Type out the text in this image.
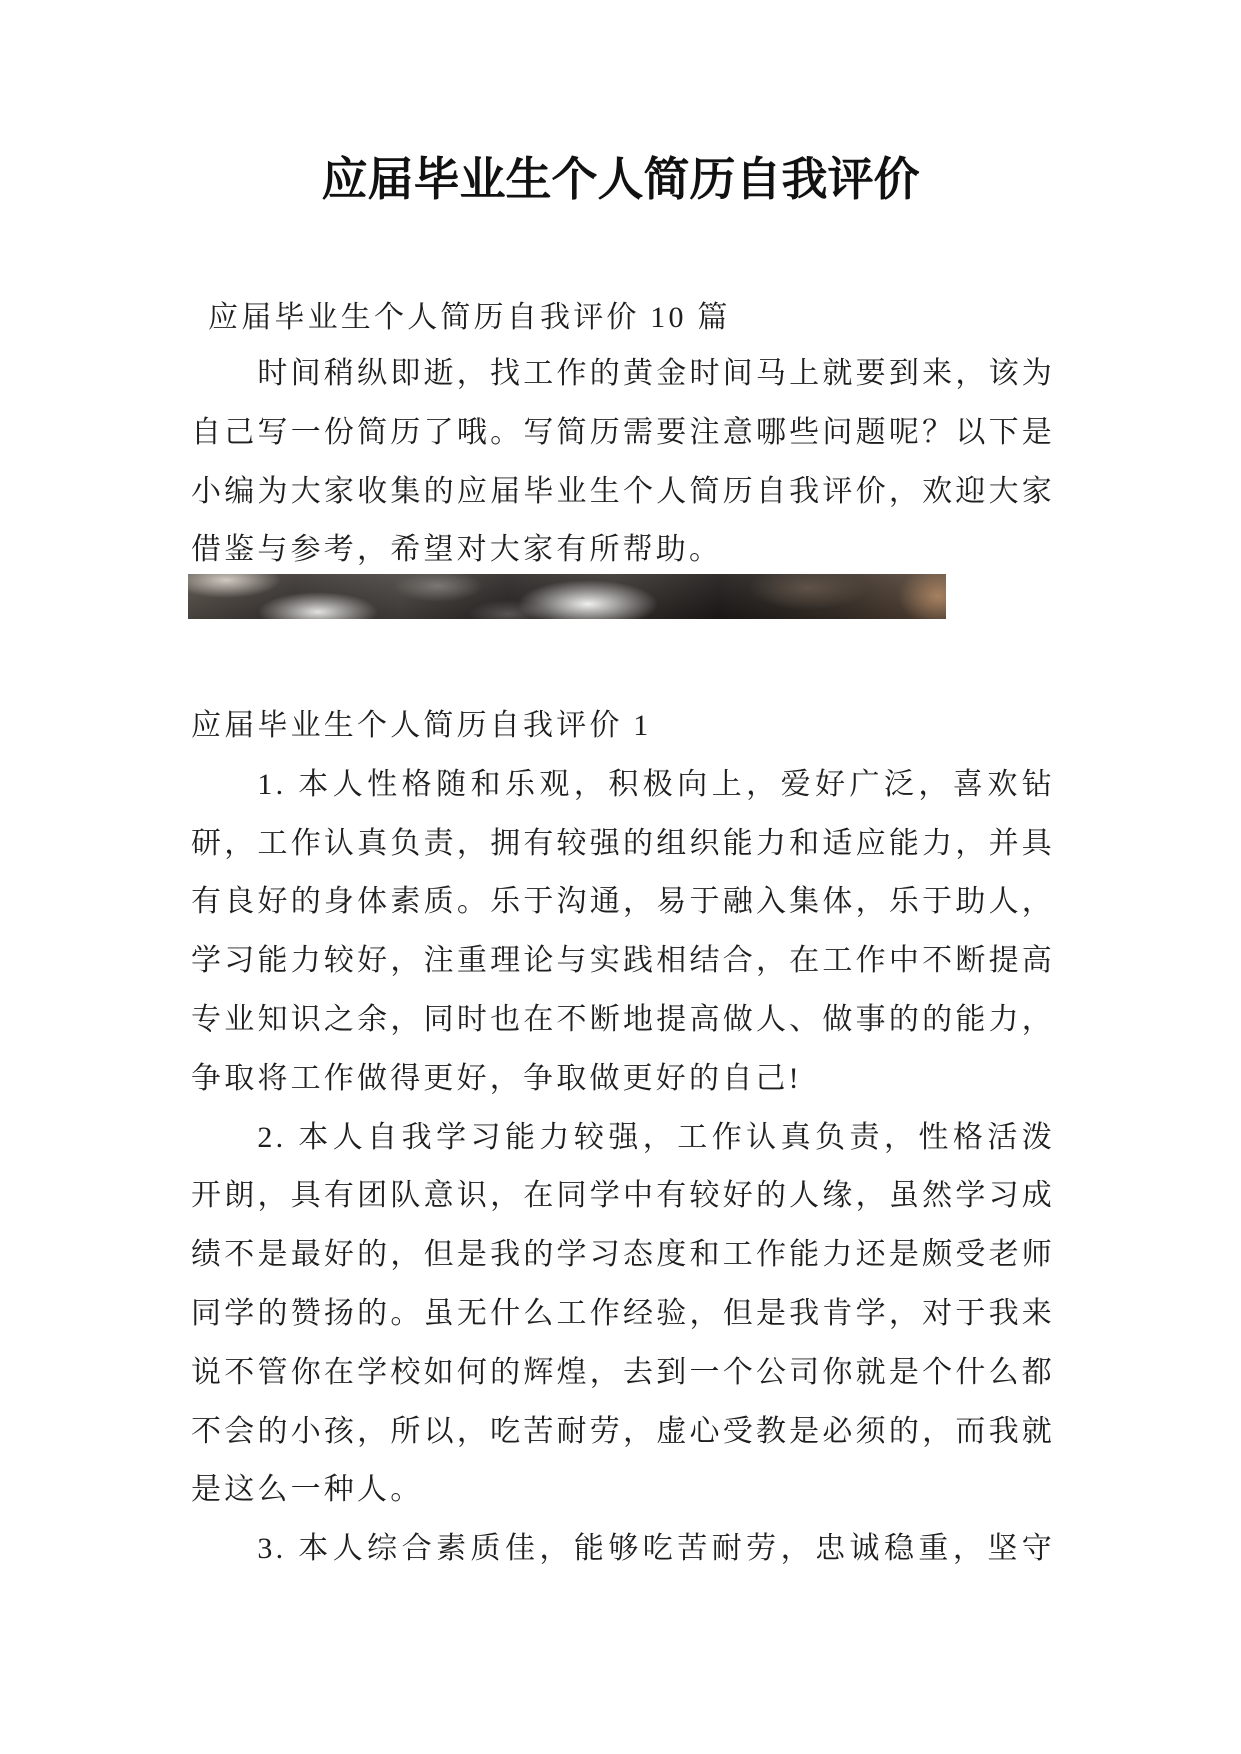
应届毕业生个人简历自我评价
应届毕业生个人简历自我评价 10 篇
时间稍纵即逝，找工作的黄金时间马上就要到来，该为
自己写一份简历了哦。写简历需要注意哪些问题呢？以下是
小编为大家收集的应届毕业生个人简历自我评价，欢迎大家
借鉴与参考，希望对大家有所帮助。
应届毕业生个人简历自我评价 1
1. 本人性格随和乐观，积极向上，爱好广泛，喜欢钻
研，工作认真负责，拥有较强的组织能力和适应能力，并具
有良好的身体素质。乐于沟通，易于融入集体，乐于助人，
学习能力较好，注重理论与实践相结合，在工作中不断提高
专业知识之余，同时也在不断地提高做人、做事的的能力，
争取将工作做得更好，争取做更好的自己!
2. 本人自我学习能力较强，工作认真负责，性格活泼
开朗，具有团队意识，在同学中有较好的人缘，虽然学习成
绩不是最好的，但是我的学习态度和工作能力还是颇受老师
同学的赞扬的。虽无什么工作经验，但是我肯学，对于我来
说不管你在学校如何的辉煌，去到一个公司你就是个什么都
不会的小孩，所以，吃苦耐劳，虚心受教是必须的，而我就
是这么一种人。
3. 本人综合素质佳，能够吃苦耐劳，忠诚稳重，坚守
